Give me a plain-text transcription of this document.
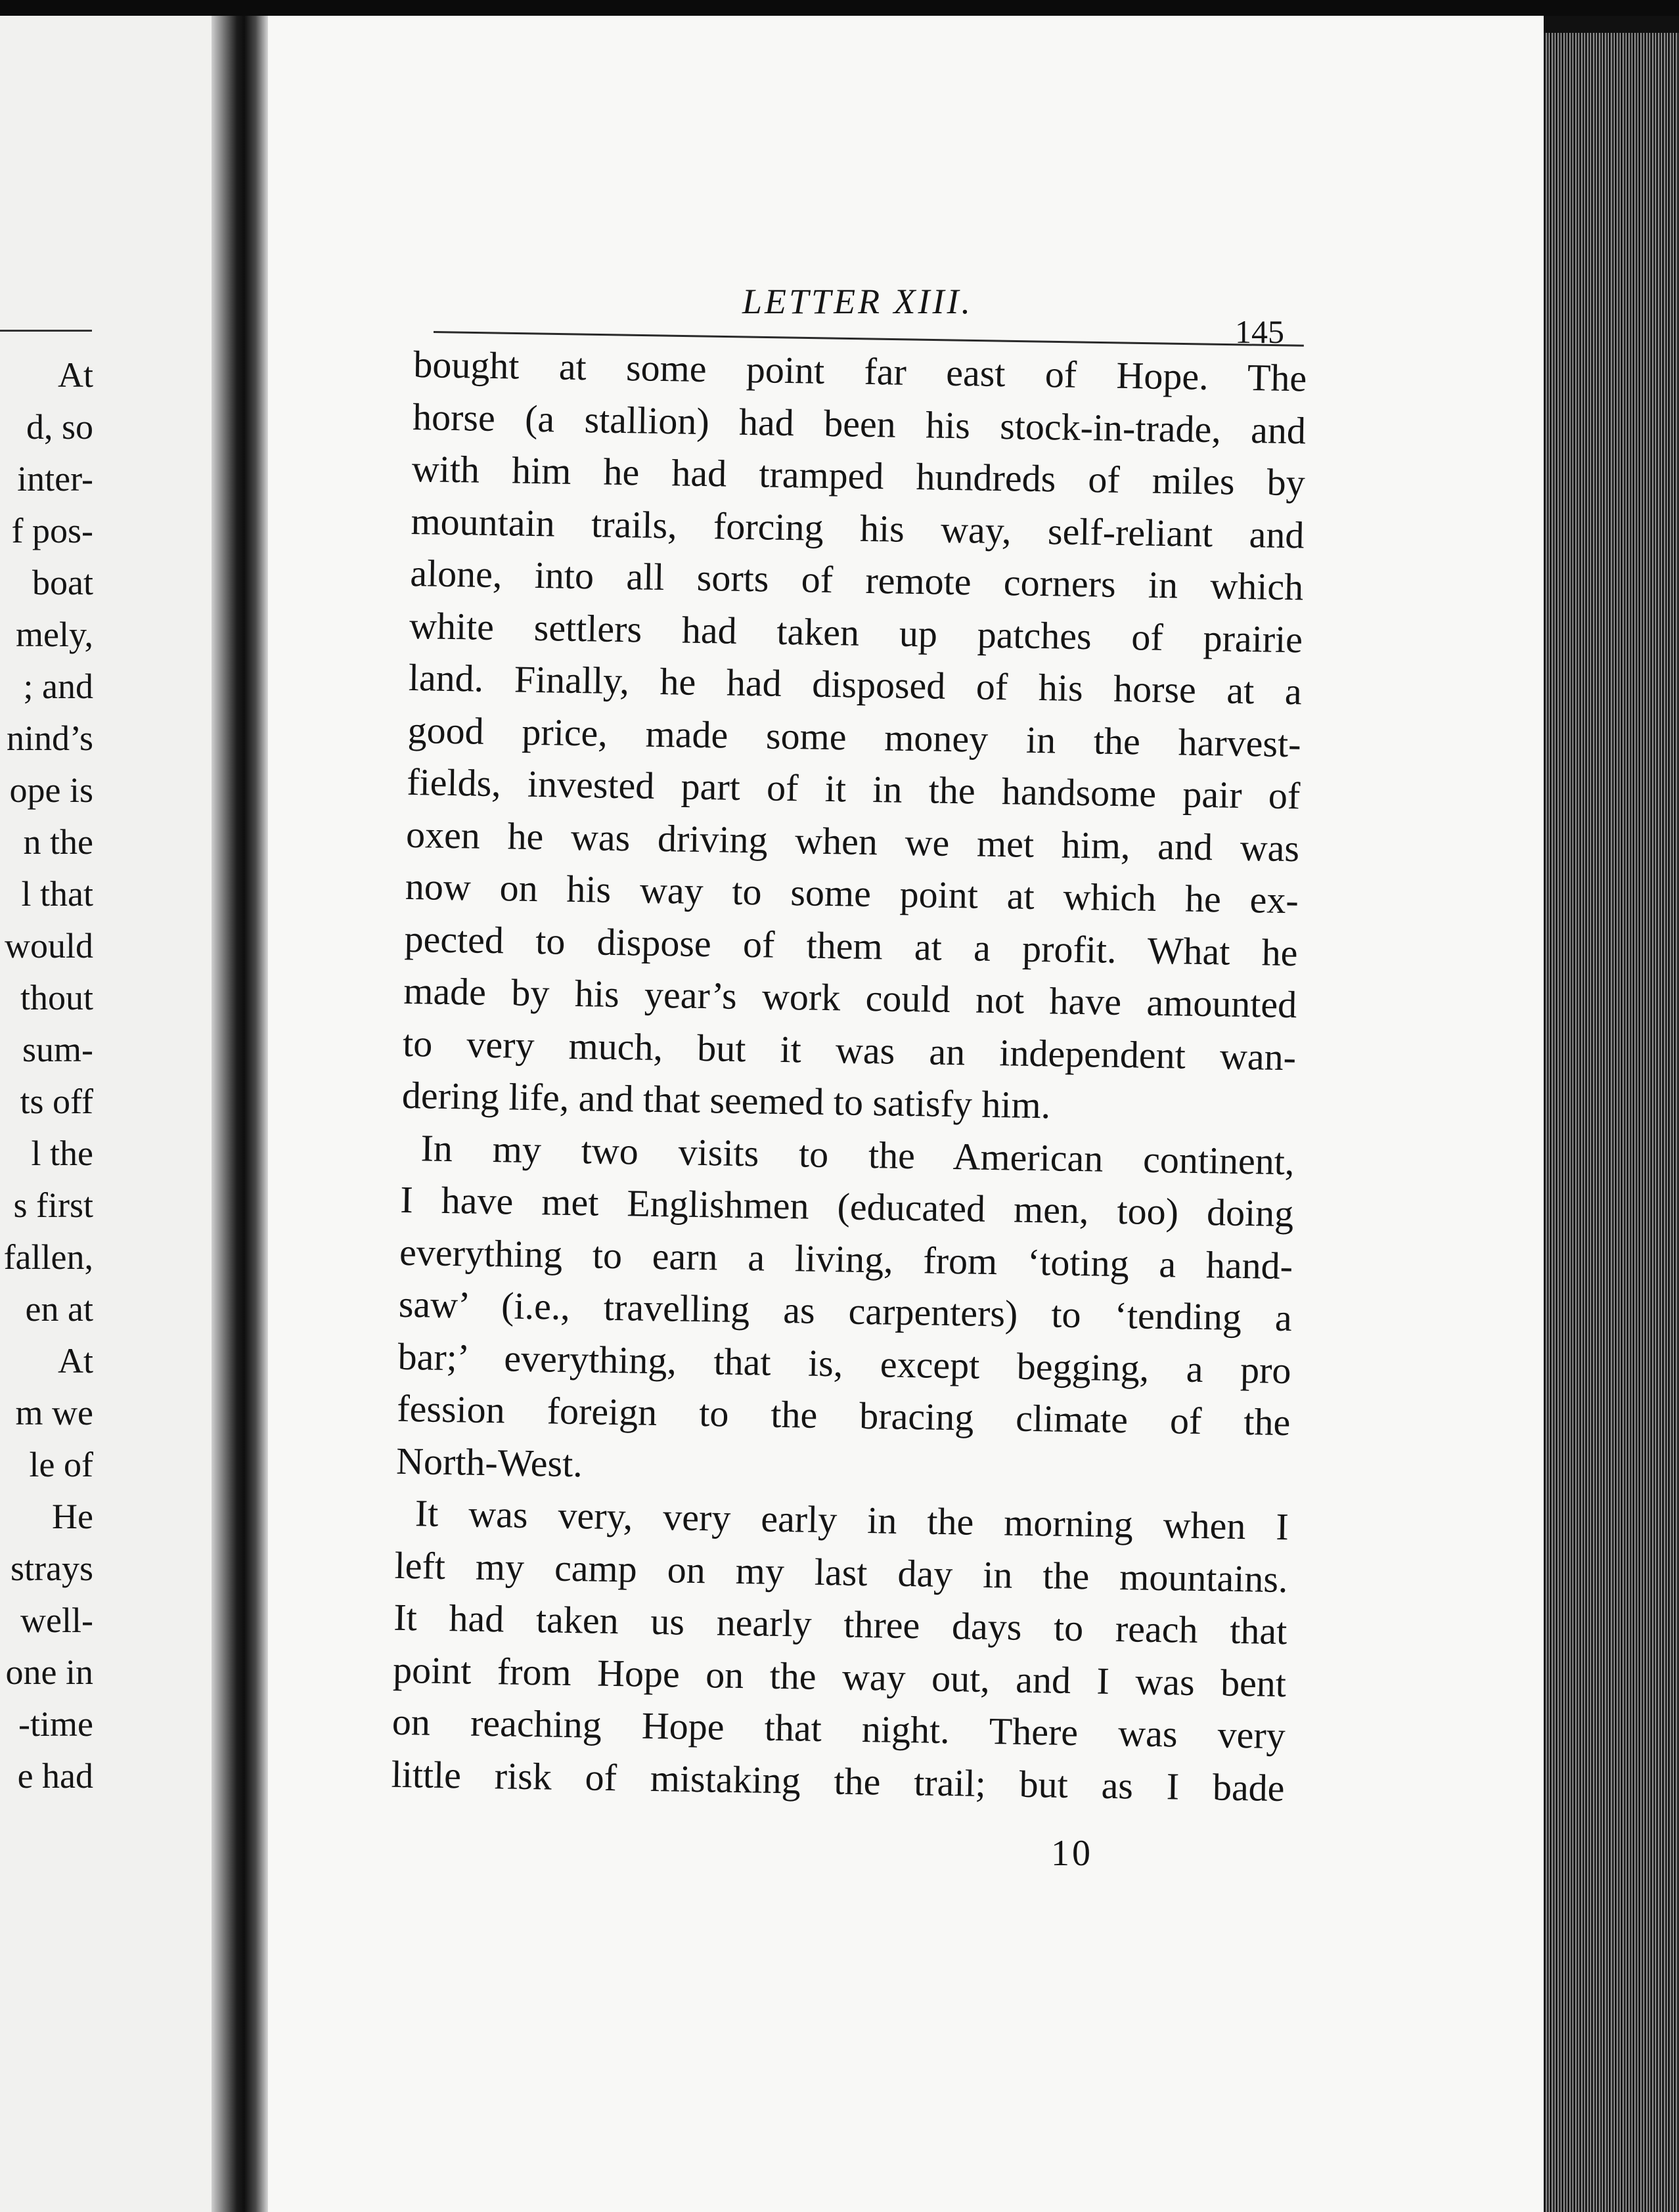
At
d, so
inter-
f pos-
boat
mely,
; and
nind’s
ope is
n the
l that
would
thout
sum-
ts off
l the
s first
fallen,
en at
At
m we
le of
He
strays
well-
one in
-time
e had
LETTER XIII.
145
bought at some point far east of Hope. The
horse (a stallion) had been his stock-in-trade, and
with him he had tramped hundreds of miles by
mountain trails, forcing his way, self-reliant and
alone, into all sorts of remote corners in which
white settlers had taken up patches of prairie
land. Finally, he had disposed of his horse at a
good price, made some money in the harvest-
fields, invested part of it in the handsome pair of
oxen he was driving when we met him, and was
now on his way to some point at which he ex-
pected to dispose of them at a profit. What he
made by his year’s work could not have amounted
to very much, but it was an independent wan-
dering life, and that seemed to satisfy him.
In my two visits to the American continent,
I have met Englishmen (educated men, too) doing
everything to earn a living, from ‘toting a hand-
saw’ (i.e., travelling as carpenters) to ‘tending a
bar;’ everything, that is, except begging, a pro
fession foreign to the bracing climate of the
North-West.
It was very, very early in the morning when I
left my camp on my last day in the mountains.
It had taken us nearly three days to reach that
point from Hope on the way out, and I was bent
on reaching Hope that night. There was very
little risk of mistaking the trail; but as I bade
10
